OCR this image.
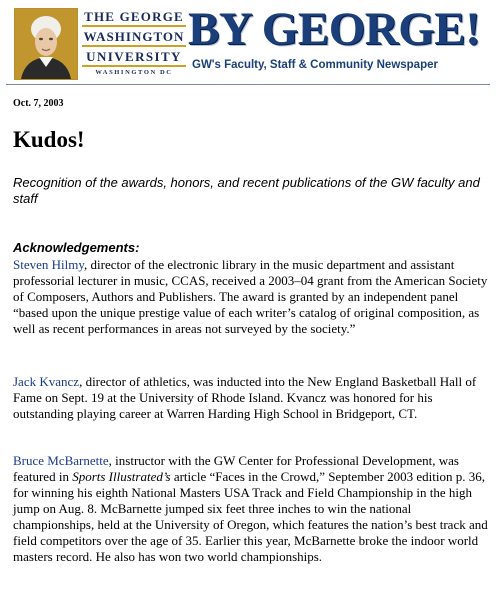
THE GEORGE
WASHINGTON
UNIVERSITY
WASHINGTON DC
BY GEORGE!
GW's Faculty, Staff & Community Newspaper
Oct. 7, 2003
Kudos!

Recognition of the awards, honors, and recent publications of the GW faculty and staff

Acknowledgements:

Steven Hilmy, director of the electronic library in the music department and assistant professorial lecturer in music, CCAS, received a 2003–04 grant from the American Society of Composers, Authors and Publishers. The award is granted by an independent panel “based upon the unique prestige value of each writer’s catalog of original composition, as well as recent performances in areas not surveyed by the society.”

Jack Kvancz, director of athletics, was inducted into the New England Basketball Hall of Fame on Sept. 19 at the University of Rhode Island. Kvancz was honored for his outstanding playing career at Warren Harding High School in Bridgeport, CT.

Bruce McBarnette, instructor with the GW Center for Professional Development, was featured in Sports Illustrated’s article “Faces in the Crowd,” September 2003 edition p. 36, for winning his eighth National Masters USA Track and Field Championship in the high jump on Aug. 8. McBarnette jumped six feet three inches to win the national championships, held at the University of Oregon, which features the nation’s best track and field competitors over the age of 35. Earlier this year, McBarnette broke the indoor world masters record. He also has won two world championships.
